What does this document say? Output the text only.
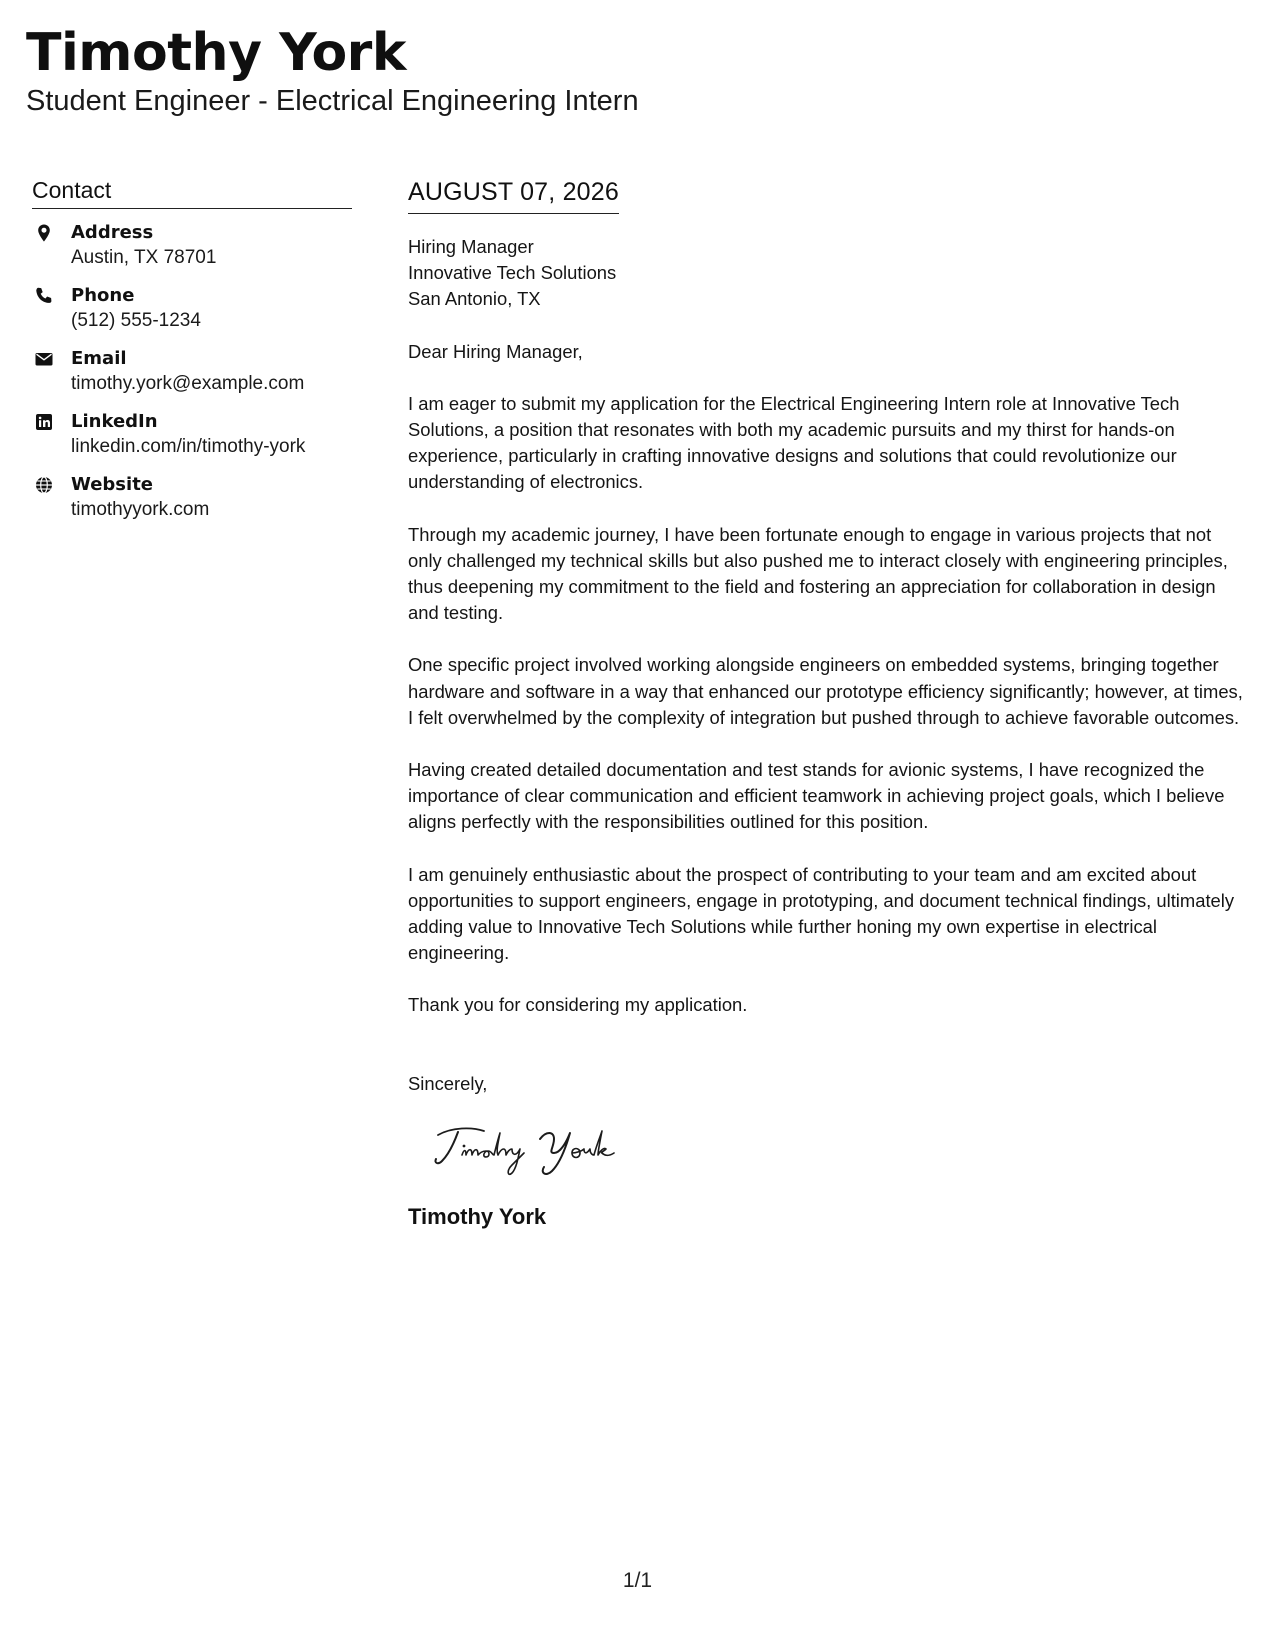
Timothy York
Student Engineer - Electrical Engineering Intern
Contact
Address
Austin, TX 78701
Phone
(512) 555-1234
Email
timothy.york@example.com
LinkedIn
linkedin.com/in/timothy-york
Website
timothyyork.com
AUGUST 07, 2026
Hiring Manager
Innovative Tech Solutions
San Antonio, TX
Dear Hiring Manager,
I am eager to submit my application for the Electrical Engineering Intern role at Innovative Tech Solutions, a position that resonates with both my academic pursuits and my thirst for hands-on experience, particularly in crafting innovative designs and solutions that could revolutionize our understanding of electronics.
Through my academic journey, I have been fortunate enough to engage in various projects that not only challenged my technical skills but also pushed me to interact closely with engineering principles, thus deepening my commitment to the field and fostering an appreciation for collaboration in design and testing.
One specific project involved working alongside engineers on embedded systems, bringing together hardware and software in a way that enhanced our prototype efficiency significantly; however, at times, I felt overwhelmed by the complexity of integration but pushed through to achieve favorable outcomes.
Having created detailed documentation and test stands for avionic systems, I have recognized the importance of clear communication and efficient teamwork in achieving project goals, which I believe aligns perfectly with the responsibilities outlined for this position.
I am genuinely enthusiastic about the prospect of contributing to your team and am excited about opportunities to support engineers, engage in prototyping, and document technical findings, ultimately adding value to Innovative Tech Solutions while further honing my own expertise in electrical engineering.
Thank you for considering my application.
Sincerely,
Timothy York
1/1
